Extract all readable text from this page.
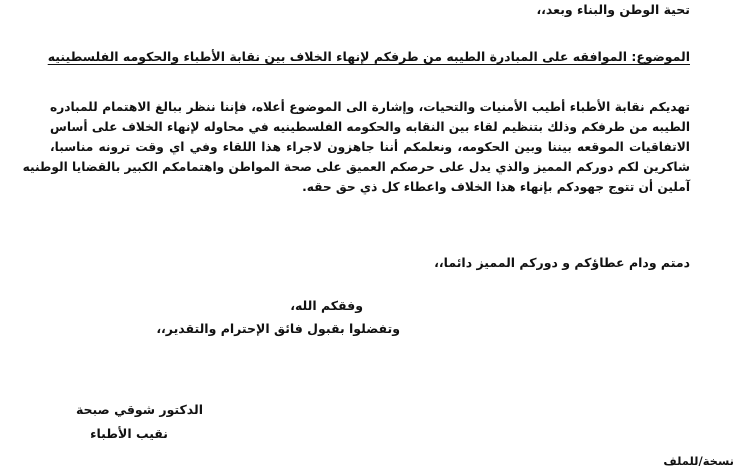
تحية الوطن والبناء وبعد،،
الموضوع: الموافقه على المبادرة الطيبه من طرفكم لإنهاء الخلاف بين نقابة الأطباء والحكومه الفلسطينيه
تهديكم نقابة الأطباء أطيب الأمنيات والتحيات، وإشارة الى الموضوع أعلاه، فإننا ننظر ببالغ الاهتمام للمبادره
الطيبه من طرفكم وذلك بتنظيم لقاء بين النقابه والحكومه الفلسطينيه في محاوله لإنهاء الخلاف على أساس
الاتفاقيات الموقعه بيننا وبين الحكومه، ونعلمكم أننا جاهزون لاجراء هذا اللقاء وفي اي وقت ترونه مناسبا،
شاكرين لكم دوركم المميز والذي يدل على حرصكم العميق على صحة المواطن واهتمامكم الكبير بالقضايا الوطنيه
آملين أن تتوج جهودكم بإنهاء هذا الخلاف واعطاء كل ذي حق حقه.
دمتم ودام عطاؤكم و دوركم المميز دائما،،
وفقكم الله،
وتفضلوا بقبول فائق الإحترام والتقدير،،
الدكتور شوقي صبحة
نقيب الأطباء
نسخة/للملف
